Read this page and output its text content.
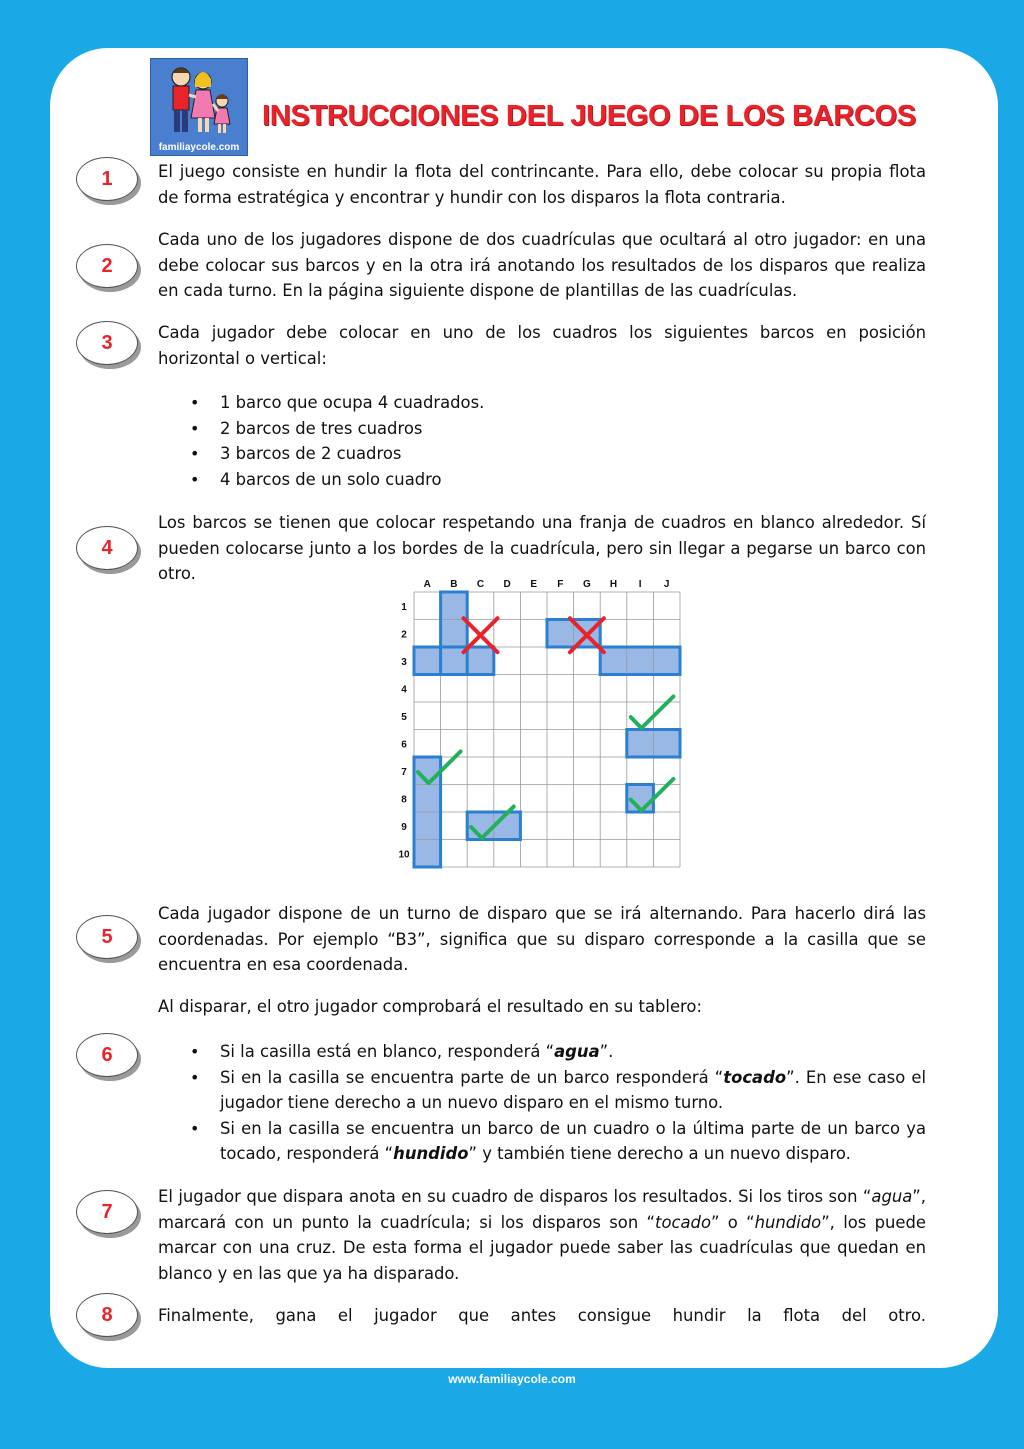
familiaycole.com
INSTRUCCIONES DEL JUEGO DE LOS BARCOS
1	El juego consiste en hundir la flota del contrincante. Para ello, debe colocar su propia flota de forma estratégica y encontrar y hundir con los disparos la flota contraria.
2
Cada uno de los jugadores dispone de dos cuadrículas que ocultará al otro jugador: en una debe colocar sus barcos y en la otra irá anotando los resultados de los disparos que realiza en cada turno. En la página siguiente dispone de plantillas de las cuadrículas.
3	Cada jugador debe colocar en uno de los cuadros los siguientes barcos en posición horizontal o vertical:
• 1 barco que ocupa 4 cuadrados.
• 2 barcos de tres cuadros
• 3 barcos de 2 cuadros
• 4 barcos de un solo cuadro
4
Los barcos se tienen que colocar respetando una franja de cuadros en blanco alrededor. Sí pueden colocarse junto a los bordes de la cuadrícula, pero sin llegar a pegarse un barco con otro.
A B C D E F G H I J
1
2
3
4
5
6
7
8
9
10
5
Cada jugador dispone de un turno de disparo que se irá alternando. Para hacerlo dirá las coordenadas. Por ejemplo “B3”, significa que su disparo corresponde a la casilla que se encuentra en esa coordenada.
Al disparar, el otro jugador comprobará el resultado en su tablero:
6
•	Si la casilla está en blanco, responderá “agua”.
• Si en la casilla se encuentra parte de un barco responderá “tocado”. En ese caso el jugador tiene derecho a un nuevo disparo en el mismo turno.
• Si en la casilla se encuentra un barco de un cuadro o la última parte de un barco ya tocado, responderá “hundido” y también tiene derecho a un nuevo disparo.
7
El jugador que dispara anota en su cuadro de disparos los resultados. Si los tiros son “agua”, marcará con un punto la cuadrícula; si los disparos son “tocado” o “hundido”, los puede marcar con una cruz. De esta forma el jugador puede saber las cuadrículas que quedan en blanco y en las que ya ha disparado.
8	Finalmente, gana el jugador que antes consigue hundir la flota del otro.
www.familiaycole.com
